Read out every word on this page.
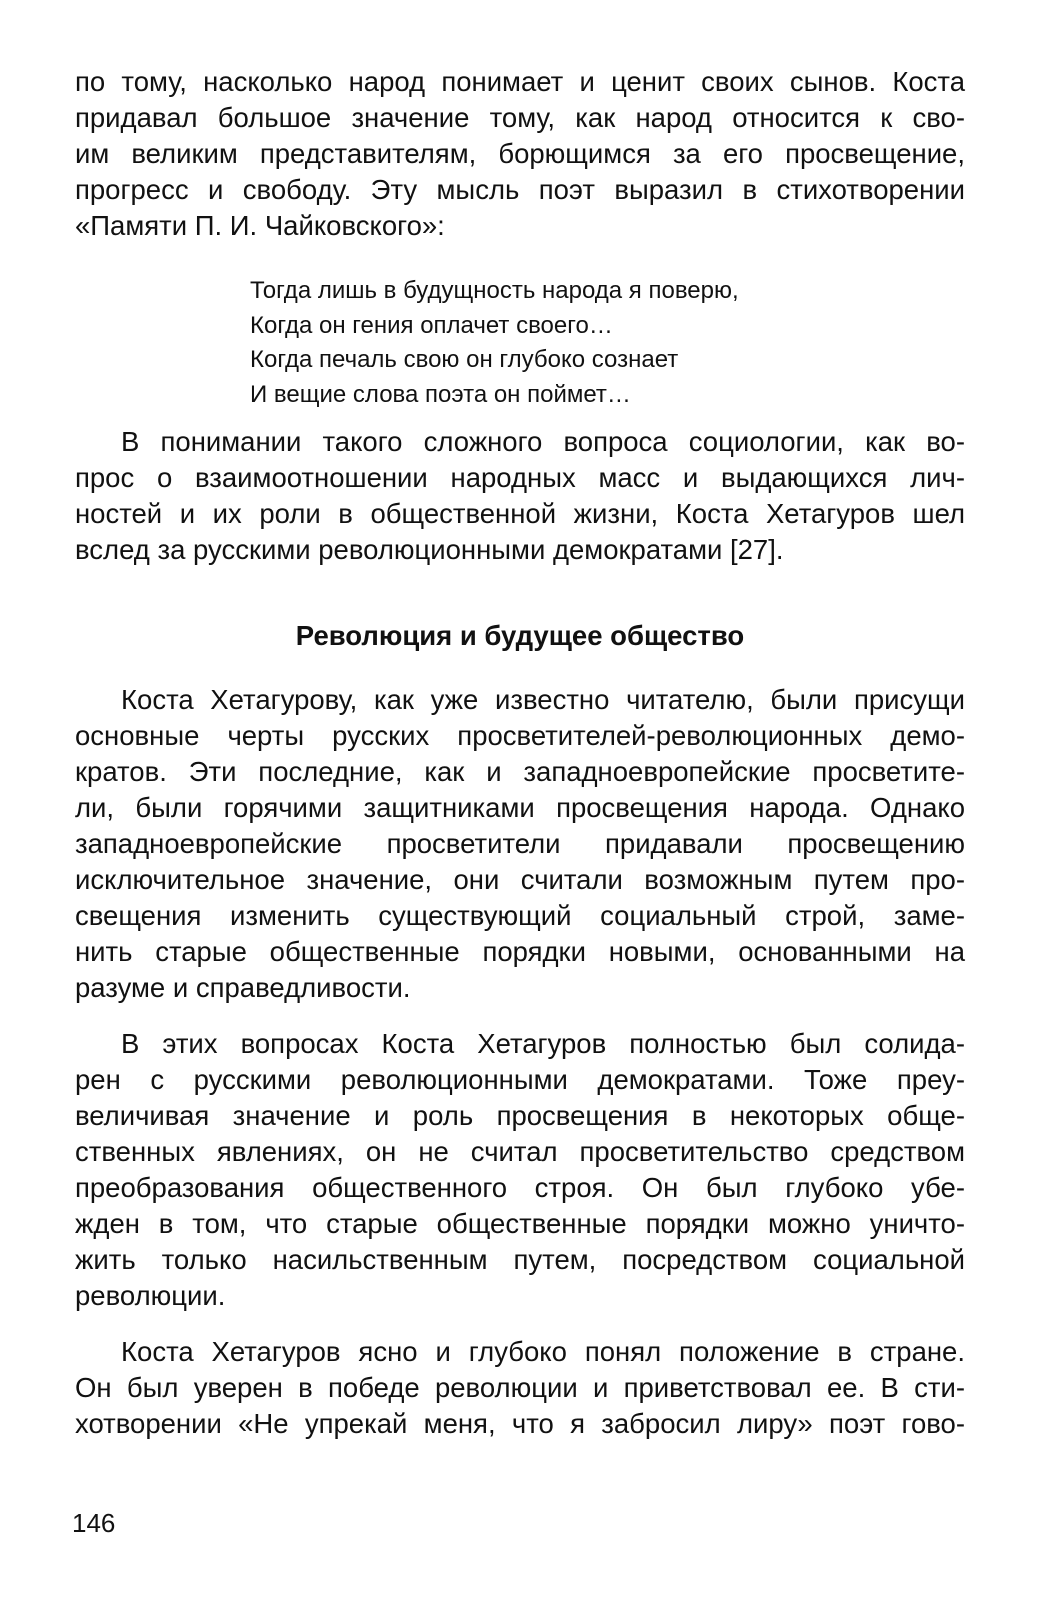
по тому, насколько народ понимает и ценит своих сынов. Коста
придавал большое значение тому, как народ относится к сво-
им великим представителям, борющимся за его просвещение,
прогресс и свободу. Эту мысль поэт выразил в стихотворении
«Памяти П. И. Чайковского»:

Тогда лишь в будущность народа я поверю,
Когда он гения оплачет своего…
Когда печаль свою он глубоко сознает
И вещие слова поэта он поймет…

В понимании такого сложного вопроса социологии, как во-
прос о взаимоотношении народных масс и выдающихся лич-
ностей и их роли в общественной жизни, Коста Хетагуров шел
вслед за русскими революционными демократами [27].

Революция и будущее общество

Коста Хетагурову, как уже известно читателю, были присущи
основные черты русских просветителей-революционных демо-
кратов. Эти последние, как и западноевропейские просветите-
ли, были горячими защитниками просвещения народа. Однако
западноевропейские просветители придавали просвещению
исключительное значение, они считали возможным путем про-
свещения изменить существующий социальный строй, заме-
нить старые общественные порядки новыми, основанными на
разуме и справедливости.

В этих вопросах Коста Хетагуров полностью был солида-
рен с русскими революционными демократами. Тоже преу-
величивая значение и роль просвещения в некоторых обще-
ственных явлениях, он не считал просветительство средством
преобразования общественного строя. Он был глубоко убе-
жден в том, что старые общественные порядки можно уничто-
жить только насильственным путем, посредством социальной
революции.

Коста Хетагуров ясно и глубоко понял положение в стране.
Он был уверен в победе революции и приветствовал ее. В сти-
хотворении «Не упрекай меня, что я забросил лиру» поэт гово-

146
